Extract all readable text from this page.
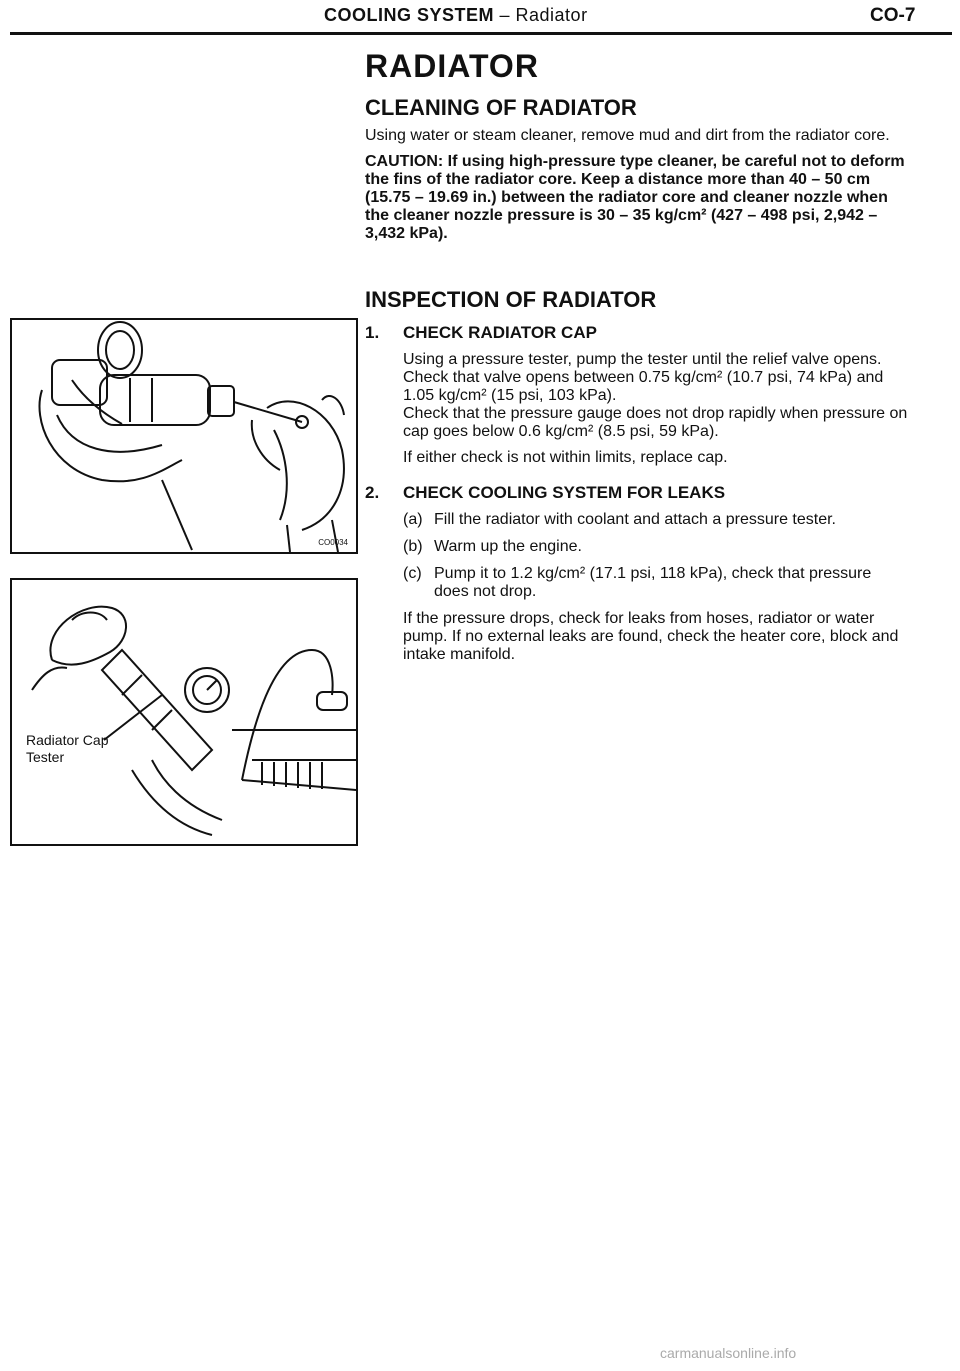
COOLING SYSTEM – Radiator	CO-7
CO0034
Radiator Cap
Tester
RADIATOR
CLEANING OF RADIATOR

Using water or steam cleaner, remove mud and dirt from the radiator core.

CAUTION: If using high-pressure type cleaner, be careful not to deform the fins of the radiator core. Keep a distance more than 40 – 50 cm (15.75 – 19.69 in.) between the radiator core and cleaner nozzle when the cleaner nozzle pressure is 30 – 35 kg/cm² (427 – 498 psi, 2,942 – 3,432 kPa).

INSPECTION OF RADIATOR
1.	CHECK RADIATOR CAP

Using a pressure tester, pump the tester until the relief valve opens.

Check that valve opens between 0.75 kg/cm² (10.7 psi, 74 kPa) and 1.05 kg/cm² (15 psi, 103 kPa).

Check that the pressure gauge does not drop rapidly when pressure on cap goes below 0.6 kg/cm² (8.5 psi, 59 kPa).

If either check is not within limits, replace cap.

2.	CHECK COOLING SYSTEM FOR LEAKS
(a) Fill the radiator with coolant and attach a pressure tester.
(b) Warm up the engine.
(c) Pump it to 1.2 kg/cm² (17.1 psi, 118 kPa), check that pressure does not drop.

If the pressure drops, check for leaks from hoses, radiator or water pump. If no external leaks are found, check the heater core, block and intake manifold.

carmanualsonline.info
